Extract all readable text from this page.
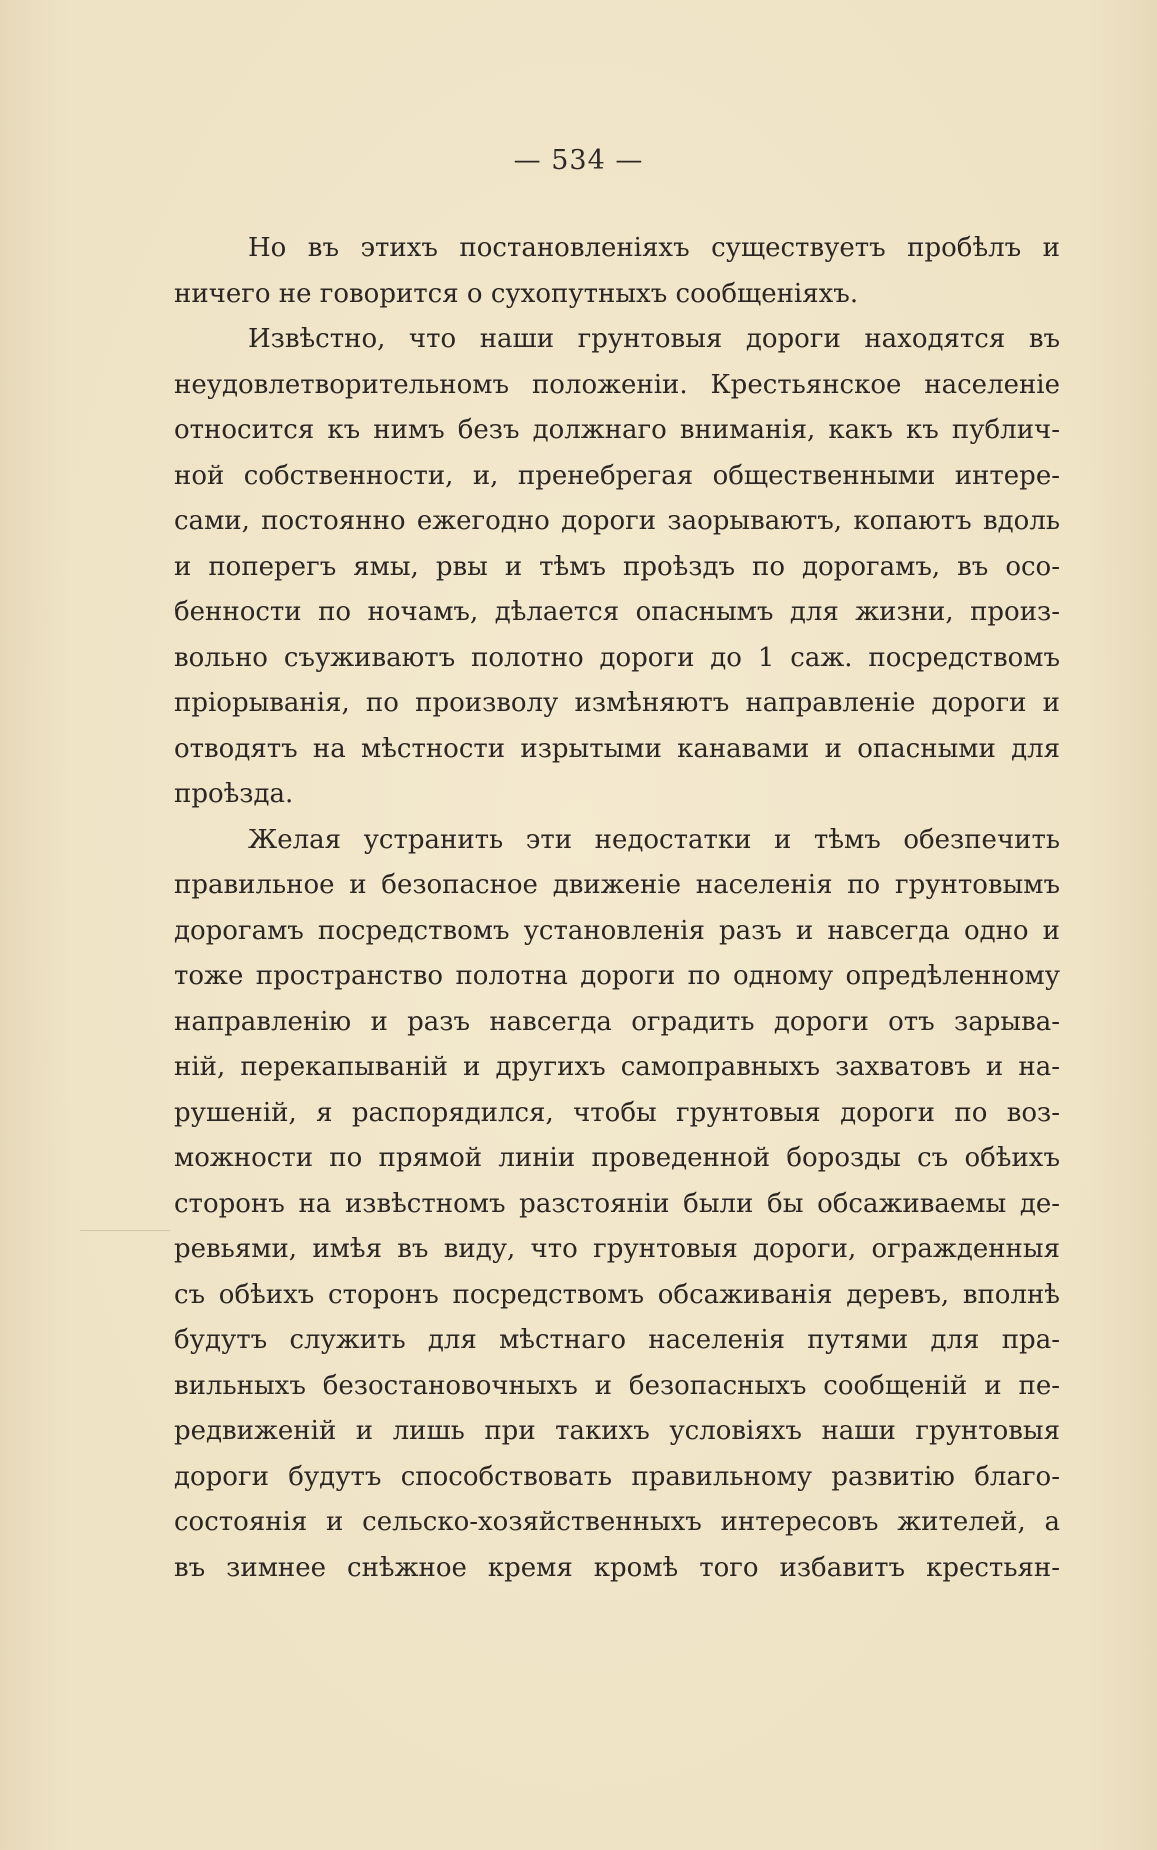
— 534 —
Но въ этихъ постановленіяхъ существуетъ пробѣлъ и
ничего не говорится о сухопутныхъ сообщеніяхъ.
Извѣстно, что наши грунтовыя дороги находятся въ
неудовлетворительномъ положеніи. Крестьянское населеніе
относится къ нимъ безъ должнаго вниманія, какъ къ публич-
ной собственности, и, пренебрегая общественными интере-
сами, постоянно ежегодно дороги заорываютъ, копаютъ вдоль
и поперегъ ямы, рвы и тѣмъ проѣздъ по дорогамъ, въ осо-
бенности по ночамъ, дѣлается опаснымъ для жизни, произ-
вольно съуживаютъ полотно дороги до 1 саж. посредствомъ
пріорыванія, по произволу измѣняютъ направленіе дороги и
отводятъ на мѣстности изрытыми канавами и опасными для
проѣзда.
Желая устранить эти недостатки и тѣмъ обезпечить
правильное и безопасное движеніе населенія по грунтовымъ
дорогамъ посредствомъ установленія разъ и навсегда одно и
тоже пространство полотна дороги по одному опредѣленному
направленію и разъ навсегда оградить дороги отъ зарыва-
ній, перекапываній и другихъ самоправныхъ захватовъ и на-
рушеній, я распорядился, чтобы грунтовыя дороги по воз-
можности по прямой линіи проведенной борозды съ обѣихъ
сторонъ на извѣстномъ разстояніи были бы обсаживаемы де-
ревьями, имѣя въ виду, что грунтовыя дороги, огражденныя
съ обѣихъ сторонъ посредствомъ обсаживанія деревъ, вполнѣ
будутъ служить для мѣстнаго населенія путями для пра-
вильныхъ безостановочныхъ и безопасныхъ сообщеній и пе-
редвиженій и лишь при такихъ условіяхъ наши грунтовыя
дороги будутъ способствовать правильному развитію благо-
состоянія и сельско-хозяйственныхъ интересовъ жителей, а
въ зимнее снѣжное кремя кромѣ того избавитъ крестьян-
